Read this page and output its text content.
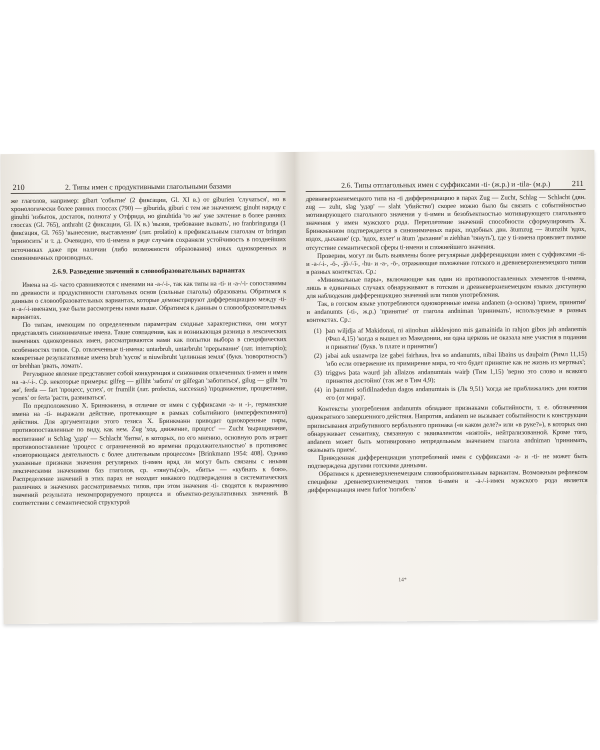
210	2. Типы имен с продуктивными глагольными базами

же глаголов, например: gibart 'событие' (2 фиксации, Gl. XI в.) от giburien 'случаться', но в хронологически более ранних глоссах (790) — giburida, giburi с тем же значением; ginuht наряду с ginuhti 'избыток, достаток, полнота' у Отфрида, но ginuhtida 'то же' уже зачтение в более ранних глоссах (Gl. 765), anthraht (2 фиксации, Gl. IX в.) 'вызов, требование вызвать', но franbringunga (1 фиксация, Gl. 765) 'вынесение, выставление' (лат. prolatio) к префиксальным глаголам от bringan 'приносить' и т. д. Очевидно, что ti-имена в ряде случаев сохраняли устойчивость в позднейших источниках даже при наличии (либо возможности образования) иных однокоренных и синонимичных производных.

2.6.9. Разведение значений в словообразовательных вариантах

Имена на -ti- часто сравниваются с именами на -a-/-i-, так как типы на -ti- и -a-/-i- сопоставимы по древности и продуктивности глагольных основ (сильные глаголы) образованы. Обратимся к данным о словообразовательных вариантах, которые демонстрируют дифференциацию между -ti- и -a-/-i-именами, уже были рассмотрены нами выше. Обратимся к данным о словообразовательных вариантах.

По типам, имеющим по определенным параметрам сходные характеристики, они могут представлять синонимичные имена. Такие совпадения, как и возникающая разница в лексических значениях однокоренных имен, рассматриваются нами как попытки выбора в специфических особенностях типов. Ср. отвлеченные ti-имена: untarbruh, untarbruht 'прерывание' (лат. interruptio); конкретные результативные имена bruh 'кусок' и niuwibruht 'целинная земля' (букв. 'поворотность') от brehhan 'рвать, ломать'.

Регулярное явление представляет собой конкуренция и синонимия отвлеченных ti-имен и имен на -a-/-i-. Ср. некоторые примеры: gilfeg — gilliht 'забота' от gilfegan 'заботиться', gilug — gilht 'то же', ferda — fart 'процесс, успех', от frumilit (лат. profectus, successus) 'продвижение, процветание, успех' от ferta 'расти, развиваться'.

По предположению Х. Бринкманна, в отличие от имен с суффиксами -a- и -i-, германские имена на -ti- выражали действие, протекающее в рамках событийного (имперфективного) действия. Для аргументации этого тезиса Х. Бринкманн приводит однокоренные пары, противопоставленные по виду, как нем. Zug 'ход, движение, процесс' — Zucht 'выращивание, воспитание' и Schlag 'удар' — Schlacht 'битва', в которых, по его мнению, основную роль играет противопоставление 'процесс с ограниченной во времени продолжительностью' в противовес «повторяющаяся деятельность с более длительным процессом» [Brinkmann 1954: 408]. Однако указанные признаки значения регулярных ti-имен вряд ли могут быть связаны с иными лексическими значениями баз глаголов, ср. «тянуть(ся)», «бить» — «кубнать к бою». Распределение значений в этих парах не находит никакого подтверждения в систематических различиях в значениях рассматриваемых типов, при этом значения -ti- сводятся к выражению значений результата некомпрорируемого процесса и объектно-результативных значений. В соответствии с семантической структурой

2.6. Типы отглагольных имен с суффиксами -ti- (ж.р.) и -tila- (м.р.)	211

древневерхненемецкого типа на -ti дифференциацию в парах Zug — Zucht, Schlag — Schlacht (двн. zug — zuht, slag 'удар' — slaht 'убийство') скорее можно было бы связать с событийностью мотивирующего глагольного значения у ti-имен и безобъектностью мотивирующего глагольного значения у имен мужского рода. Переплетение значений способности сформулировать Х. Бринкманном подтверждается в синонимичных парах, подобных двн. ātumzug — ātumziht 'вдох, вздох, дыхание' (ср. 'вдох, взлет' и ātum 'дыхание' и ziehhan 'тянуть'), где у ti-имена проявляет полное отсутствие семантической сферы ti-имени и сложнейшего значения.

Проверим, могут ли быть выявлены более регулярные дифференциации имен с суффиксами -ti- и -a-/-i-, -ō-, -jō-/-ī-, -hu- и -a-, -ō-, отражающие положение готского и древневерхненемецкого типов в разных контекстах. Ср.:

«Минимальные пары», включающие как один из противопоставленных элементов ti-имена, лишь в единичных случаях обнаруживают в готском и древневерхненемецком языках доступную для наблюдения дифференциацию значений или типов употребления.

Так, в готском языке употребляются однокоренные имена andanem (а-основа) 'прием, принятие' и andanumts (-ti-, ж.р.) 'принятие' от глагола andniman 'принимать', используемые в разных контекстах. Ср.:

(1) þan wiljdja af Makidonai, ni aiinohun aikklesjono mis gamainida in rahjon gibos jah andanemis (Фил 4,15) 'когда я вышел из Македонии, ни одна церковь не оказала мне участия в подании и принятии' (букв. 'в плате и принятии')
(2) jabai auk usnawrpa ize gabei fairhaus, hva so andanumts, nibai libains us dauþaim (Римл 11,15) 'ибо если отвержение их примирение мира, то что будет принятие как не жизнь из мертвых';
(3) triggws þata waurd jah allaizos andanumtais wairþ (Тим 1,15) 'верно это слово и всякого принятия достойно' (так же в Тим 4,9);
(4) in þammei sofidilnadedun dagos andanumtais is (Лк 9,51) 'когда же приближались дни взятия его (от мира)'.

Контексты употребления andanumts обладают признаками событийности, т. е. обозначения однократного завершенного действия. Напротив, andanem не вызывает событийности к конструкции приписывания атрибутивного вербального признака («в каком деле?» или «в руке?»), в которых оно обнаруживает семантику, связанную с эквивалентом «взятой», нейтрализованной. Кроме того, andanem может быть мотивировано непредельным значением глагола andniman 'принимать, оказывать прием'.

Приведенная дифференциация употреблений имен с суффиксами -a- и -ti- не может быть подтверждена другими готскими данными.

Обратимся к древневерхненемецким словообразовательным вариантам. Возможным рефлексом специфике древневерхненемецких типов ti-имен и -a-/-i-имен мужского рода является дифференциация имен furlor 'погибель'

14*
